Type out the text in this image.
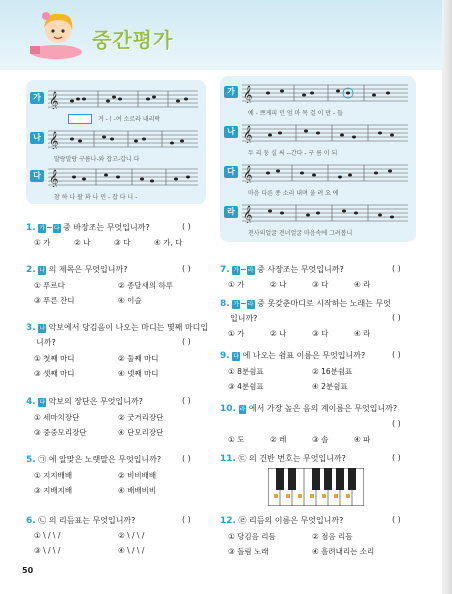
중간평가
가 𝄞
겨 -ㅣ-여 소르라 내리락
나 𝄞
말랑말랑 구름나-와 잡고-갑니 다
다 𝄞
참 하 나 팔 꽈 나 민 - 잡 다 니 -
가 𝄞
예 - 쁘게피 던 엄 마 목 걸 이 만 - 들
나 𝄞
두 리 둥 실 써 --간다 - 구 름 이 되
다 𝄞
마음 다른 종 소리 내며 울 려 요 에
라 𝄞
천사의얼굴 전녀얼굴 마음속에 그려봅니
1. 가~다 중 바장조는 무엇입니까?	( )
① 가	② 나	③ 다	④ 가, 다
2. 나 의 제목은 무엇입니까?	( )
① 푸르다	② 종달새의 하루
③ 푸른 잔디	④ 이슬
3. 나 악보에서 당김음이 나오는 마디는 몇째 마디입
니까?	( )
① 첫째 마디	② 둘째 마디
③ 셋째 마디	④ 넷째 마디
4. 다 악보의 장단은 무엇입니까?	( )
① 세마치장단	② 굿거리장단
③ 중중모리장단	④ 단모리장단
5. ㉠ 에 알맞은 노랫말은 무엇입니까?	( )
① 지지배배	② 비비배배
③ 지배지배	④ 배배비비
6. ㉡ 의 리듬표는 무엇입니까?	( )
① \ / \ /	② \ / \ /
③ \ / \ /	④ \ / \ /
7. 가~라 중 사장조는 무엇입니까?	( )
① 가	② 나	③ 다	④ 라
8. 가~라 중 못갖춘마디로 시작하는 노래는 무엇
입니까?	( )
① 가	② 나	③ 다	④ 라
9. 다 에 나오는 쉼표 이름은 무엇입니까?	( )
① 8분쉼표	② 16분쉼표
③ 4분쉼표	④ 2분쉼표
10. 라 에서 가장 높은 음의 계이름은 무엇입니까?
( )
① 도	② 레	③ 솔	④ 파
11. ㉢ 의 건반 번호는 무엇입니까?	( )
12. ㉣ 리듬의 이름은 무엇입니까?	( )
① 당김음 리듬	② 점음 리듬
③ 돌림 노래	④ 흘려내리는 소리
50
